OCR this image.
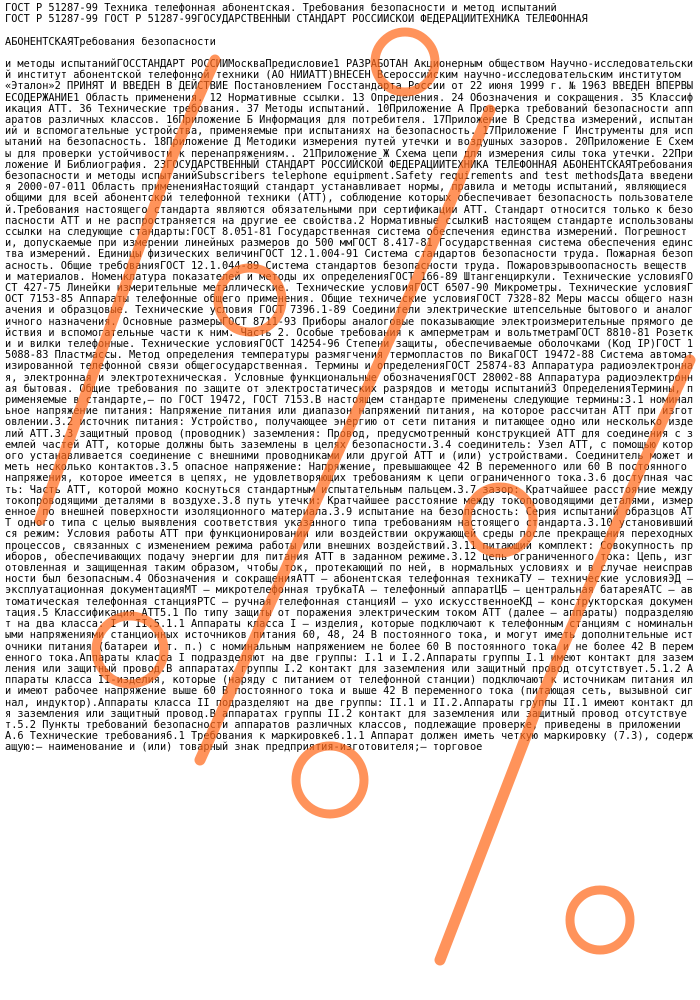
ГОСТ Р 51287-99 Техника телефонная абонентская. Требования безопасности и метод испытаний
ГОСТ Р 51287-99 ГОСТ Р 51287-99ГОСУДАРСТВЕННЫЙ СТАНДАРТ РОССИЙСКОЙ ФЕДЕРАЦИИТЕХНИКА ТЕЛЕФОННАЯ
АБОНЕНТСКАЯТребования безопасности
и методы испытанийГОССТАНДАРТ РОССИИМоскваПредисловие1 РАЗРАБОТАН Акционерным обществом Научно-исследовательский институт абонентской телефонной техники (АО НИИАТТ)ВНЕСЕН Всероссийским научно-исследовательским институтом «Эталон»2 ПРИНЯТ И ВВЕДЕН В ДЕЙСТВИЕ Постановлением Госстандарта России от 22 июня 1999 г. № 1963 ВВЕДЕН ВПЕРВЫЕСОДЕРЖАНИЕ1 Область применения. 12 Нормативные ссылки. 13 Определения. 24 Обозначения и сокращения. 35 Классификация АТТ. 36 Технические требования. 37 Методы испытаний. 10Приложение А Проверка требований безопасности аппаратов различных классов. 16Приложение Б Информация для потребителя. 17Приложение В Средства измерений, испытаний и вспомогательные устройства, применяемые при испытаниях на безопасность. 17Приложение Г Инструменты для испытаний на безопасность. 18Приложение Д Методики измерения путей утечки и воздушных зазоров. 20Приложение Е Схемы для проверки устойчивости к перенапряжениям.. 21Приложение Ж Схема цепи для измерения силы тока утечки. 22Приложение И Библиография. 23ГОСУДАРСТВЕННЫЙ СТАНДАРТ РОССИЙСКОЙ ФЕДЕРАЦИИТЕХНИКА ТЕЛЕФОННАЯ АБОНЕНТСКАЯТребования безопасности и методы испытанийSubscribers telephone equipment.Safety requirements and test methodsДата введения 2000-07-011 Область примененияНастоящий стандарт устанавливает нормы, правила и методы испытаний, являющиеся общими для всей абонентской телефонной техники (АТТ), соблюдение которых обеспечивает безопасность пользователей.Требования настоящего стандарта являются обязательными при сертификации АТТ. Стандарт относится только к безопасности АТТ и не распространяется на другие ее свойства.2 Нормативные ссылкиВ настоящем стандарте использованы ссылки на следующие стандарты:ГОСТ 8.051-81 Государственная система обеспечения единства измерений. Погрешности, допускаемые при измерении линейных размеров до 500 ммГОСТ 8.417-81 Государственная система обеспечения единства измерений. Единицы физических величинГОСТ 12.1.004-91 Система стандартов безопасности труда. Пожарная безопасность. Общие требованияГОСТ 12.1.044-89 Система стандартов безопасности труда. Пожаровзрывоопасность веществ и материалов. Номенклатура показателей и методы их определенияГОСТ 166-89 Штангенциркули. Технические условияГОСТ 427-75 Линейки измерительные металлические. Технические условияГОСТ 6507-90 Микрометры. Технические условияГОСТ 7153-85 Аппараты телефонные общего применения. Общие технические условияГОСТ 7328-82 Меры массы общего назначения и образцовые. Технические условия ГОСТ 7396.1-89 Соединители электрические штепсельные бытового и аналогичного назначения. Основные размерыГОСТ 8711-93 Приборы аналоговые показывающие электроизмерительные прямого действия и вспомогательные части к ним. Часть 2. Особые требования к амперметрам и вольтметрамГОСТ 8810-81 Розетки и вилки телефонные. Технические условияГОСТ 14254-96 Степени защиты, обеспечиваемые оболочками (Код IP)ГОСТ 15088-83 Пластмассы. Метод определения температуры размягчения термопластов по ВикаГОСТ 19472-88 Система автоматизированной телефонной связи общегосударственная. Термины и определенияГОСТ 25874-83 Аппаратура радиоэлектронная, электронная и электротехническая. Условные функциональные обозначенияГОСТ 28002-88 Аппаратура радиоэлектронная бытовая. Общие требования по защите от электростатических разрядов и методы испытаний3 ОпределенияТермины, применяемые в стандарте,— по ГОСТ 19472, ГОСТ 7153.В настоящем стандарте применены следующие термины:3.1 номинальное напряжение питания: Напряжение питания или диапазон напряжений питания, на которое рассчитан АТТ при изготовлении.3.2 источник питания: Устройство, получающее энергию от сети питания и питающее одно или несколько изделий АТТ.3.3 защитный провод (проводник) заземления: Провод, предусмотренный конструкцией АТТ для соединения с землей частей АТТ, которые должны быть заземлены в целях безопасности.3.4 соединитель: Узел АТТ, с помощью которого устанавливается соединение с внешними проводниками или другой АТТ и (или) устройствами. Соединитель может иметь несколько контактов.3.5 опасное напряжение: Напряжение, превышающее 42 В переменного или 60 В постоянного напряжения, которое имеется в цепях, не удовлетворяющих требованиям к цепи ограниченного тока.3.6 доступная часть: Часть АТТ, которой можно коснуться стандартным испытательным пальцем.3.7 зазор: Кратчайшее расстояние между токопроводящими деталями в воздухе.3.8 путь утечки: Кратчайшее расстояние между токопроводящими деталями, измеренное по внешней поверхности изоляционного материала.3.9 испытание на безопасность: Серия испытаний образцов АТТ одного типа с целью выявления соответствия указанного типа требованиям настоящего стандарта.3.10 установившийся режим: Условия работы АТТ при функционировании или воздействии окружающей среды после прекращения переходных процессов, связанных с изменением режима работы или внешних воздействий.3.11 питающий комплект: Совокупность приборов, обеспечивающих подачу энергии для питания АТТ в заданном режиме.3.12 цепь ограниченного тока: Цепь, изготовленная и защищенная таким образом, чтобы ток, протекающий по ней, в нормальных условиях и в случае неисправности был безопасным.4 Обозначения и сокращенияАТТ — абонентская телефонная техникаТУ — технические условияЭД — эксплуатационная документацияМТ — микротелефонная трубкаТА — телефонный аппаратЦБ — центральная батареяАТС — автоматическая телефонная станцияРТС — ручная телефонная станцияИ — ухо искусственноеКД — конструкторская документация.5 Классификация АТТ5.1 По типу защиты от поражения электрическим током АТТ (далее — аппараты) подразделяют на два класса: I и II.5.1.1 Аппараты класса I — изделия, которые подключают к телефонным станциям с номинальными напряжениями станционных источников питания 60, 48, 24 В постоянного тока, и могут иметь дополнительные источники питания (батареи и т. п.) с номинальным напряжением не более 60 В постоянного тока и не более 42 В переменного тока.Аппараты класса I подразделяют на две группы: I.1 и I.2.Аппараты группы I.1 имеют контакт для заземления или защитный провод.В аппаратах группы I.2 контакт для заземления или защитный провод отсутствует.5.1.2 Аппараты класса II-изделия, которые (наряду с питанием от телефонной станции) подключают к источникам питания или имеют рабочее напряжение выше 60 В постоянного тока и выше 42 В переменного тока (питающая сеть, вызывной сигнал, индуктор).Аппараты класса II подразделяют на две группы: II.1 и II.2.Аппараты группы II.1 имеют контакт для заземления или защитный провод.В аппаратах группы II.2 контакт для заземления или защитный провод отсутствует.5.2 Пункты требований безопасности аппаратов различных классов, подлежащие проверке, приведены в приложении А.6 Технические требования6.1 Требования к маркировке6.1.1 Аппарат должен иметь четкую маркировку (7.3), содержащую:— наименование и (или) товарный знак предприятия-изготовителя;— торговое
